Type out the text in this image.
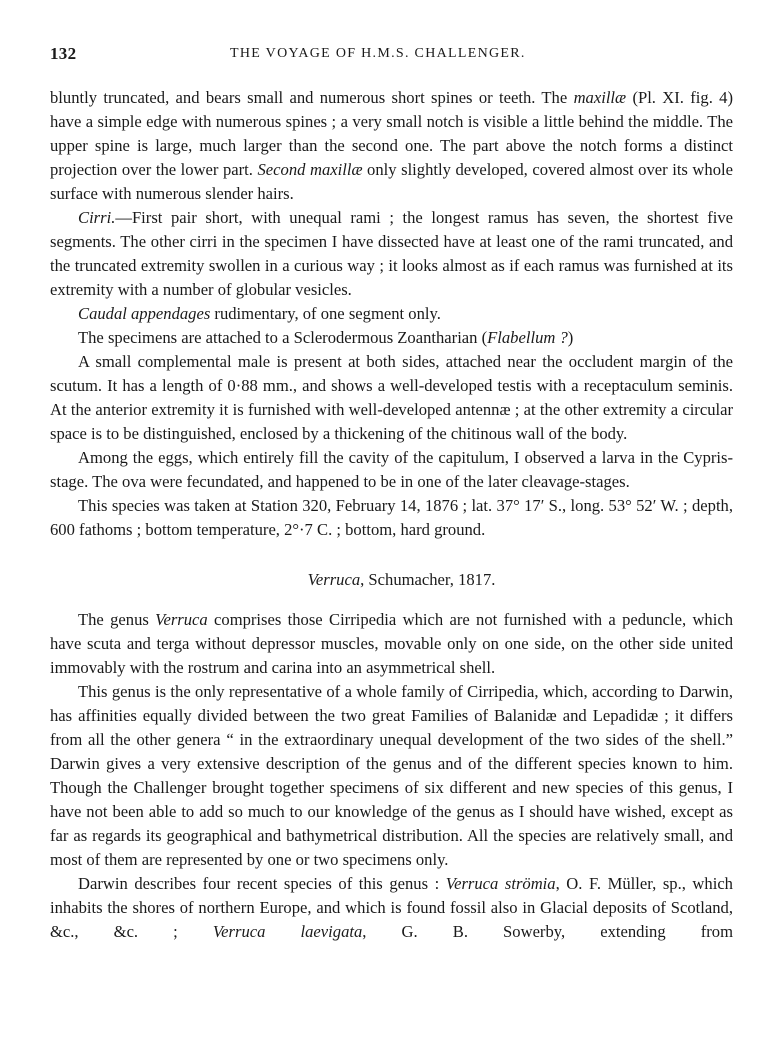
132	THE VOYAGE OF H.M.S. CHALLENGER.

bluntly truncated, and bears small and numerous short spines or teeth. The maxillæ (Pl. XI. fig. 4) have a simple edge with numerous spines ; a very small notch is visible a little behind the middle. The upper spine is large, much larger than the second one. The part above the notch forms a distinct projection over the lower part. Second maxillæ only slightly developed, covered almost over its whole surface with numerous slender hairs.

Cirri.—First pair short, with unequal rami ; the longest ramus has seven, the shortest five segments. The other cirri in the specimen I have dissected have at least one of the rami truncated, and the truncated extremity swollen in a curious way ; it looks almost as if each ramus was furnished at its extremity with a number of globular vesicles.

Caudal appendages rudimentary, of one segment only.

The specimens are attached to a Sclerodermous Zoantharian (Flabellum ?)

A small complemental male is present at both sides, attached near the occludent margin of the scutum. It has a length of 0·88 mm., and shows a well-developed testis with a receptaculum seminis. At the anterior extremity it is furnished with well-developed antennæ ; at the other extremity a circular space is to be distinguished, enclosed by a thickening of the chitinous wall of the body.

Among the eggs, which entirely fill the cavity of the capitulum, I observed a larva in the Cypris-stage. The ova were fecundated, and happened to be in one of the later cleavage-stages.

This species was taken at Station 320, February 14, 1876 ; lat. 37° 17′ S., long. 53° 52′ W. ; depth, 600 fathoms ; bottom temperature, 2°·7 C. ; bottom, hard ground.

Verruca, Schumacher, 1817.

The genus Verruca comprises those Cirripedia which are not furnished with a peduncle, which have scuta and terga without depressor muscles, movable only on one side, on the other side united immovably with the rostrum and carina into an asymmetrical shell.

This genus is the only representative of a whole family of Cirripedia, which, according to Darwin, has affinities equally divided between the two great Families of Balanidæ and Lepadidæ ; it differs from all the other genera “ in the extraordinary unequal development of the two sides of the shell.” Darwin gives a very extensive description of the genus and of the different species known to him. Though the Challenger brought together specimens of six different and new species of this genus, I have not been able to add so much to our knowledge of the genus as I should have wished, except as far as regards its geographical and bathymetrical distribution. All the species are relatively small, and most of them are represented by one or two specimens only.

Darwin describes four recent species of this genus : Verruca strömia, O. F. Müller, sp., which inhabits the shores of northern Europe, and which is found fossil also in Glacial deposits of Scotland, &c., &c. ; Verruca laevigata, G. B. Sowerby, extending from
